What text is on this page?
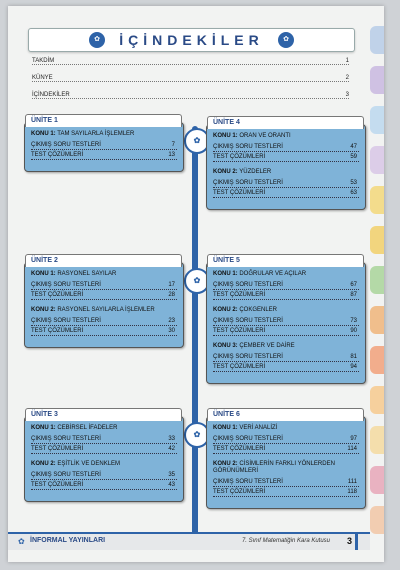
✿	İÇİNDEKİLER	✿
TAKDİM	1
KÜNYE	2
İÇİNDEKİLER	3
✿
✿
✿
ÜNİTE 1
KONU 1: TAM SAYILARLA İŞLEMLER
ÇIKMIŞ SORU TESTLERİ	7
TEST ÇÖZÜMLERİ	13
ÜNİTE 2
KONU 1: RASYONEL SAYILAR
ÇIKMIŞ SORU TESTLERİ	17
TEST ÇÖZÜMLERİ	28
KONU 2: RASYONEL SAYILARLA İŞLEMLER
ÇIKMIŞ SORU TESTLERİ	23
TEST ÇÖZÜMLERİ	30
ÜNİTE 3
KONU 1: CEBİRSEL İFADELER
ÇIKMIŞ SORU TESTLERİ	33
TEST ÇÖZÜMLERİ	42
KONU 2: EŞİTLİK VE DENKLEM
ÇIKMIŞ SORU TESTLERİ	35
TEST ÇÖZÜMLERİ	43
ÜNİTE 4
KONU 1: ORAN VE ORANTI
ÇIKMIŞ SORU TESTLERİ	47
TEST ÇÖZÜMLERİ	59
KONU 2: YÜZDELER
ÇIKMIŞ SORU TESTLERİ	53
TEST ÇÖZÜMLERİ	63
ÜNİTE 5
KONU 1: DOĞRULAR VE AÇILAR
ÇIKMIŞ SORU TESTLERİ	67
TEST ÇÖZÜMLERİ	87
KONU 2: ÇOKGENLER
ÇIKMIŞ SORU TESTLERİ	73
TEST ÇÖZÜMLERİ	90
KONU 3: ÇEMBER VE DAİRE
ÇIKMIŞ SORU TESTLERİ	81
TEST ÇÖZÜMLERİ	94
ÜNİTE 6
KONU 1: VERİ ANALİZİ
ÇIKMIŞ SORU TESTLERİ	97
TEST ÇÖZÜMLERİ	114
KONU 2: CİSİMLERİN FARKLI YÖNLERDEN GÖRÜNÜMLERİ
ÇIKMIŞ SORU TESTLERİ	111
TEST ÇÖZÜMLERİ	118
✿ İNFORMAL YAYINLARI	7. Sınıf Matematiğin Kara Kutusu 3
